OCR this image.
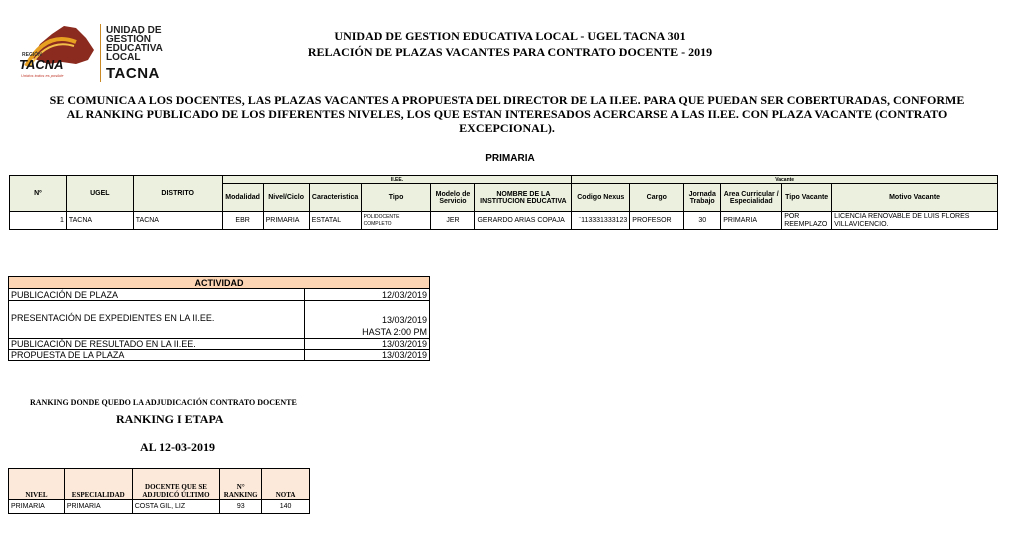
TACNA
REGIÓN
Unidos todos es posible
UNIDAD DE
GESTIÓN
EDUCATIVA
LOCAL
TACNA
UNIDAD DE GESTION EDUCATIVA LOCAL - UGEL TACNA 301
RELACIÓN DE PLAZAS VACANTES PARA CONTRATO DOCENTE - 2019
SE COMUNICA A LOS DOCENTES, LAS PLAZAS VACANTES A PROPUESTA DEL DIRECTOR DE LA II.EE. PARA QUE PUEDAN SER COBERTURADAS, CONFORME
AL RANKING PUBLICADO DE LOS DIFERENTES NIVELES, LOS QUE ESTAN INTERESADOS ACERCARSE A LAS II.EE. CON PLAZA VACANTE (CONTRATO
EXCEPCIONAL).
PRIMARIA
Nº	UGEL	DISTRITO	II.EE.						Vacante					
			Modalidad	Nivel/Ciclo	Caracteristica	Tipo	Modelo de Servicio	NOMBRE DE LA INSTITUCION EDUCATIVA	Codigo Nexus	Cargo	Jornada Trabajo	Area Curricular / Especialidad	Tipo Vacante	Motivo Vacante
1	TACNA	TACNA	EBR	PRIMARIA	ESTATAL	POLIDOCENTE COMPLETO	JER	GERARDO ARIAS COPAJA	¨113331333123	PROFESOR	30	PRIMARIA	POR REEMPLAZO	LICENCIA RENOVABLE DE LUIS FLORES VILLAVICENCIO.
ACTIVIDAD	
PUBLICACIÓN DE PLAZA	12/03/2019
PRESENTACIÓN DE EXPEDIENTES EN LA II.EE.	13/03/2019
HASTA 2:00 PM

PUBLICACIÓN DE RESULTADO EN LA II.EE.	13/03/2019
PROPUESTA DE LA PLAZA	13/03/2019
RANKING DONDE QUEDO LA ADJUDICACIÓN CONTRATO DOCENTE
RANKING I ETAPA
AL 12-03-2019
NIVEL	ESPECIALIDAD	DOCENTE QUE SE ADJUDICÓ ÚLTIMO	N° RANKING	NOTA
PRIMARIA	PRIMARIA	COSTA GIL, LIZ	93	140
